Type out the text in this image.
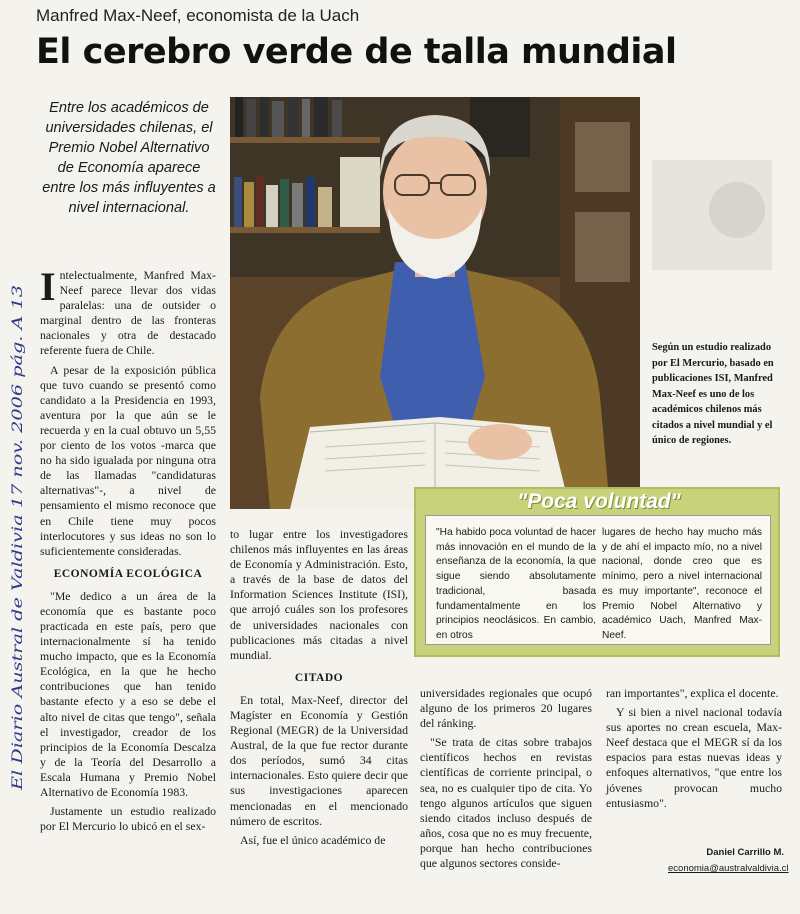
Manfred Max-Neef, economista de la Uach
El cerebro verde de talla mundial
Entre los académicos de universidades chilenas, el Premio Nobel Alternativo de Economía aparece entre los más influyentes a nivel internacional.
El Diario Austral de Valdivia 17 nov. 2006 pág. A 13

Intelectualmente, Manfred Max-Neef parece llevar dos vidas paralelas: una de outsider o marginal dentro de las fronteras nacionales y otra de destacado referente fuera de Chile.

A pesar de la exposición pública que tuvo cuando se presentó como candidato a la Presidencia en 1993, aventura por la que aún se le recuerda y en la cual obtuvo un 5,55 por ciento de los votos -marca que no ha sido igualada por ninguna otra de las llamadas "candidaturas alternativas"-, a nivel de pensamiento el mismo reconoce que en Chile tiene muy pocos interlocutores y sus ideas no son lo suficientemente consideradas.

ECONOMÍA ECOLÓGICA

"Me dedico a un área de la economía que es bastante poco practicada en este país, pero que internacionalmente sí ha tenido mucho impacto, que es la Economía Ecológica, en la que he hecho contribuciones que han tenido bastante efecto y a eso se debe el alto nivel de citas que tengo", señala el investigador, creador de los principios de la Economía Descalza y de la Teoría del Desarrollo a Escala Humana y Premio Nobel Alternativo de Economía 1983.

Justamente un estudio realizado por El Mercurio lo ubicó en el sex-

Según un estudio realizado por El Mercurio, basado en publicaciones ISI, Manfred Max-Neef es uno de los académicos chilenos más citados a nivel mundial y el único de regiones.

to lugar entre los investigadores chilenos más influyentes en las áreas de Economía y Administración. Esto, a través de la base de datos del Information Sciences Institute (ISI), que arrojó cuáles son los profesores de universidades nacionales con publicaciones más citadas a nivel mundial.

CITADO

En total, Max-Neef, director del Magíster en Economía y Gestión Regional (MEGR) de la Universidad Austral, de la que fue rector durante dos períodos, sumó 34 citas internacionales. Esto quiere decir que sus investigaciones aparecen mencionadas en el mencionado número de escritos.

Así, fue el único académico de

"Poca voluntad"
"Ha habido poca voluntad de hacer más innovación en el mundo de la enseñanza de la economía, la que sigue siendo absolutamente tradicional, basada fundamentalmente en los principios neoclásicos. En cambio, en otros
lugares de hecho hay mucho más y de ahí el impacto mío, no a nivel nacional, donde creo que es mínimo, pero a nivel internacional es muy importante", reconoce el Premio Nobel Alternativo y académico Uach, Manfred Max-Neef.

universidades regionales que ocupó alguno de los primeros 20 lugares del ránking.

"Se trata de citas sobre trabajos científicos hechos en revistas científicas de corriente principal, o sea, no es cualquier tipo de cita. Yo tengo algunos artículos que siguen siendo citados incluso después de años, cosa que no es muy frecuente, porque han hecho contribuciones que algunos sectores conside-

ran importantes", explica el docente.

Y si bien a nivel nacional todavía sus aportes no crean escuela, Max-Neef destaca que el MEGR sí da los espacios para estas nuevas ideas y enfoques alternativos, "que entre los jóvenes provocan mucho entusiasmo".

Daniel Carrillo M.
economia@australvaldivia.cl
